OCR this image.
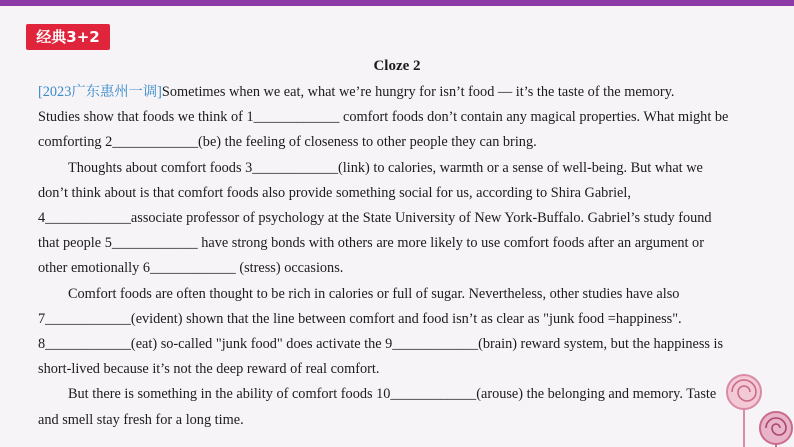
经典3+2
Cloze 2

[2023广东惠州一调]Sometimes when we eat, what we’re hungry for isn’t food — it’s the taste of the memory.
Studies show that foods we think of 1____________ comfort foods don’t contain any magical properties. What might be
comforting 2____________(be) the feeling of closeness to other people they can bring.

Thoughts about comfort foods 3____________(link) to calories, warmth or a sense of well-being. But what we
don’t think about is that comfort foods also provide something social for us, according to Shira Gabriel,
4____________associate professor of psychology at the State University of New York-Buffalo. Gabriel’s study found
that people 5____________ have strong bonds with others are more likely to use comfort foods after an argument or
other emotionally 6____________ (stress) occasions.

Comfort foods are often thought to be rich in calories or full of sugar. Nevertheless, other studies have also
7____________(evident) shown that the line between comfort and food isn’t as clear as "junk food =happiness".
8____________(eat) so-called "junk food" does activate the 9____________(brain) reward system, but the happiness is
short-lived because it’s not the deep reward of real comfort.

But there is something in the ability of comfort foods 10____________(arouse) the belonging and memory. Taste
and smell stay fresh for a long time.
